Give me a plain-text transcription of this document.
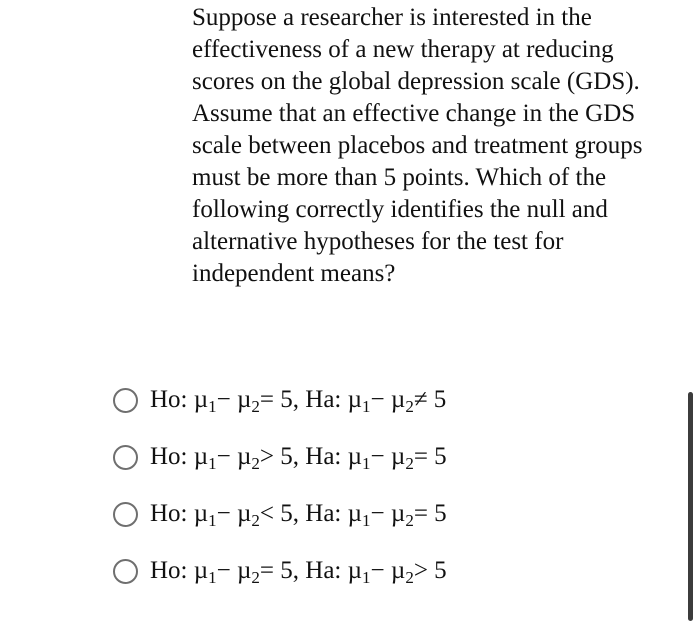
Suppose a researcher is interested in the effectiveness of a new therapy at reducing scores on the global depression scale (GDS). Assume that an effective change in the GDS scale between placebos and treatment groups must be more than 5 points. Which of the following correctly identifies the null and alternative hypotheses for the test for independent means?

Ho: µ$_1$− µ$_2$= 5, Ha: µ$_1$− µ$_2$≠ 5
Ho: µ$_1$− µ$_2$> 5, Ha: µ$_1$− µ$_2$= 5
Ho: µ$_1$− µ$_2$< 5, Ha: µ$_1$− µ$_2$= 5
Ho: µ$_1$− µ$_2$= 5, Ha: µ$_1$− µ$_2$> 5
